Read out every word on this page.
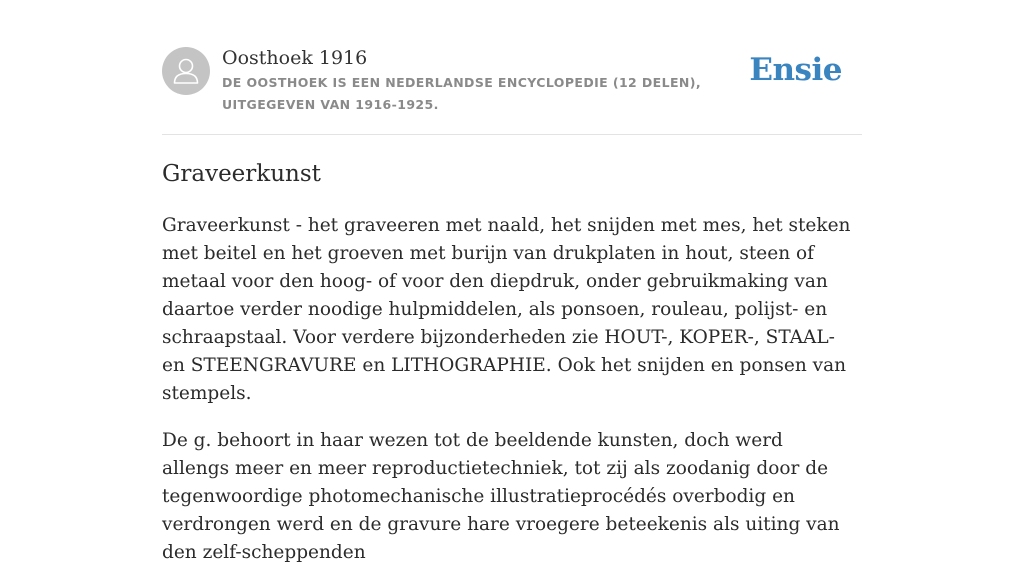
Oosthoek 1916
DE OOSTHOEK IS EEN NEDERLANDSE ENCYCLOPEDIE (12 DELEN), UITGEGEVEN VAN 1916-1925.
Ensie
Graveerkunst

Graveerkunst - het graveeren met naald, het snijden met mes, het steken met beitel en het groeven met burijn van drukplaten in hout, steen of metaal voor den hoog- of voor den diepdruk, onder gebruikmaking van daartoe verder noodige hulpmiddelen, als ponsoen, rouleau, polijst- en schraapstaal. Voor verdere bijzonderheden zie HOUT-, KOPER-, STAAL- en STEENGRAVURE en LITHOGRAPHIE. Ook het snijden en ponsen van stempels.

De g. behoort in haar wezen tot de beeldende kunsten, doch werd allengs meer en meer reproductietechniek, tot zij als zoodanig door de tegenwoordige photomechanische illustratieprocédés overbodig en verdrongen werd en de gravure hare vroegere beteekenis als uiting van den zelf-scheppenden
